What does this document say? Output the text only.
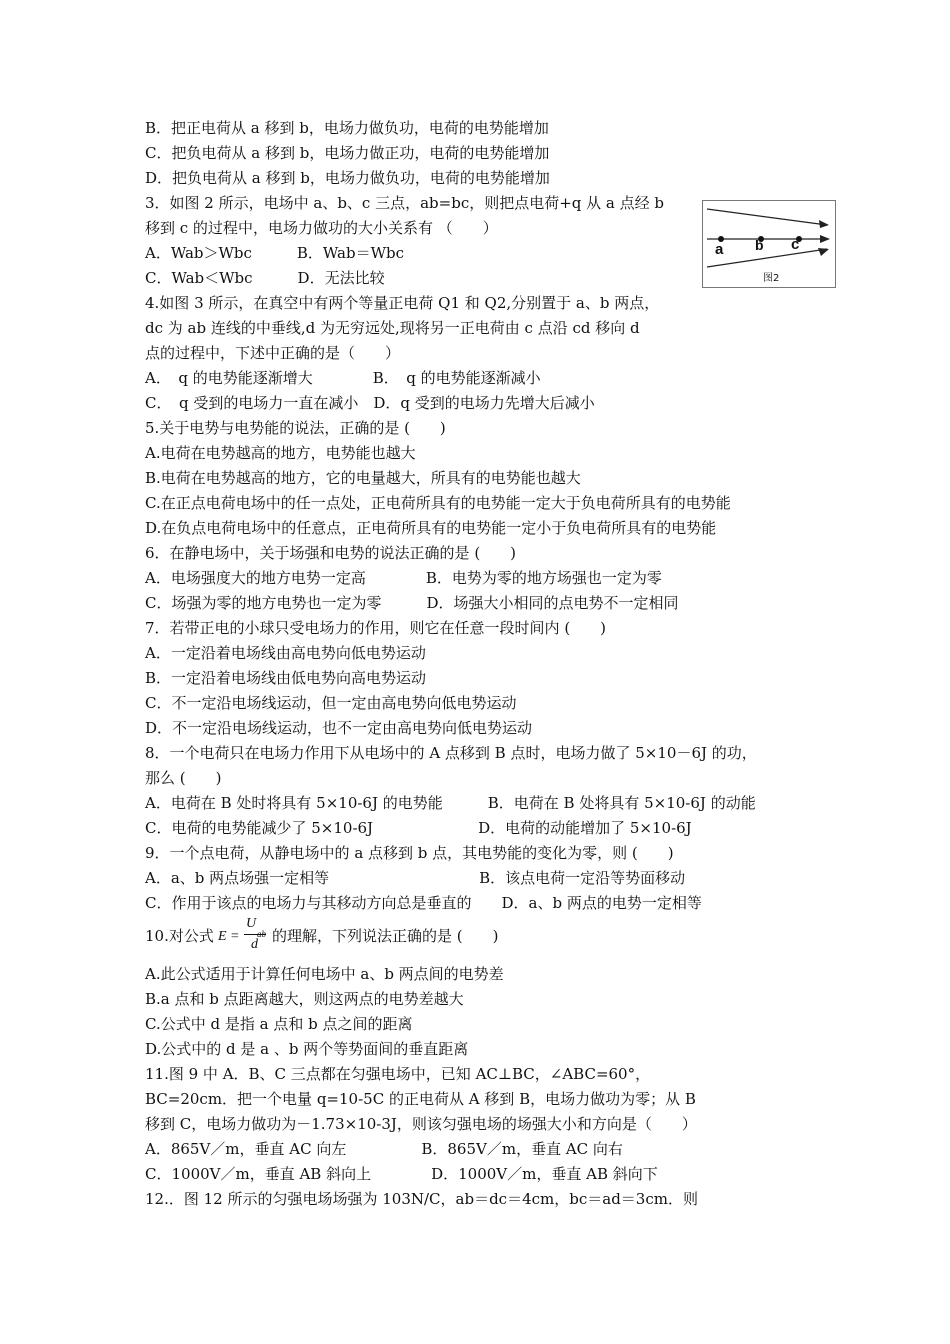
B．把正电荷从 a 移到 b，电场力做负功，电荷的电势能增加
C．把负电荷从 a 移到 b，电场力做正功，电荷的电势能增加
D．把负电荷从 a 移到 b，电场力做负功，电荷的电势能增加
3．如图 2 所示，电场中 a、b、c 三点，ab=bc，则把点电荷+q 从 a 点经 b
移到 c 的过程中，电场力做功的大小关系有 （　　）
A．Wab＞Wbc　　　B．Wab＝Wbc
C．Wab＜Wbc　　　D．无法比较
4.如图 3 所示，在真空中有两个等量正电荷 Q1 和 Q2,分别置于 a、b 两点，
dc 为 ab 连线的中垂线,d 为无穷远处,现将另一正电荷由 c 点沿 cd 移向 d
点的过程中，下述中正确的是（　　）
A．　q 的电势能逐渐增大　　　　B．　q 的电势能逐渐减小
C．　q 受到的电场力一直在减小　D．q 受到的电场力先增大后减小
5.关于电势与电势能的说法，正确的是 (　　)
A.电荷在电势越高的地方，电势能也越大
B.电荷在电势越高的地方，它的电量越大，所具有的电势能也越大
C.在正点电荷电场中的任一点处，正电荷所具有的电势能一定大于负电荷所具有的电势能
D.在负点电荷电场中的任意点，正电荷所具有的电势能一定小于负电荷所具有的电势能
6．在静电场中，关于场强和电势的说法正确的是 (　　)
A．电场强度大的地方电势一定高　　　　B．电势为零的地方场强也一定为零
C．场强为零的地方电势也一定为零　　　D．场强大小相同的点电势不一定相同
7．若带正电的小球只受电场力的作用，则它在任意一段时间内 (　　)
A．一定沿着电场线由高电势向低电势运动
B．一定沿着电场线由低电势向高电势运动
C．不一定沿电场线运动，但一定由高电势向低电势运动
D．不一定沿电场线运动，也不一定由高电势向低电势运动
8．一个电荷只在电场力作用下从电场中的 A 点移到 B 点时，电场力做了 5×10－6J 的功，
那么 (　　)
A．电荷在 B 处时将具有 5×10-6J 的电势能　　　B．电荷在 B 处将具有 5×10-6J 的动能
C．电荷的电势能减少了 5×10-6J　　　　　　　D．电荷的动能增加了 5×10-6J
9．一个点电荷，从静电场中的 a 点移到 b 点，其电势能的变化为零，则 (　　)
A．a、b 两点场强一定相等　　　　　　　　　　B．该点电荷一定沿等势面移动
C．作用于该点的电场力与其移动方向总是垂直的　　D．a、b 两点的电势一定相等
10.对公式 E =
U
ab
d 的理解，下列说法正确的是 (　　)
A.此公式适用于计算任何电场中 a、b 两点间的电势差
B.a 点和 b 点距离越大，则这两点的电势差越大
C.公式中 d 是指 a 点和 b 点之间的距离
D.公式中的 d 是 a 、b 两个等势面间的垂直距离
11.图 9 中 A．B、C 三点都在匀强电场中，已知 AC⊥BC，∠ABC=60°，
BC=20cm．把一个电量 q=10-5C 的正电荷从 A 移到 B，电场力做功为零；从 B
移到 C，电场力做功为－1.73×10-3J，则该匀强电场的场强大小和方向是（　　）
A．865V／m，垂直 AC 向左　　　　　B．865V／m，垂直 AC 向右
C．1000V／m，垂直 AB 斜向上　　　　D．1000V／m，垂直 AB 斜向下
12.．图 12 所示的匀强电场场强为 103N/C，ab＝dc＝4cm，bc＝ad＝3cm．则
a b c
图2
